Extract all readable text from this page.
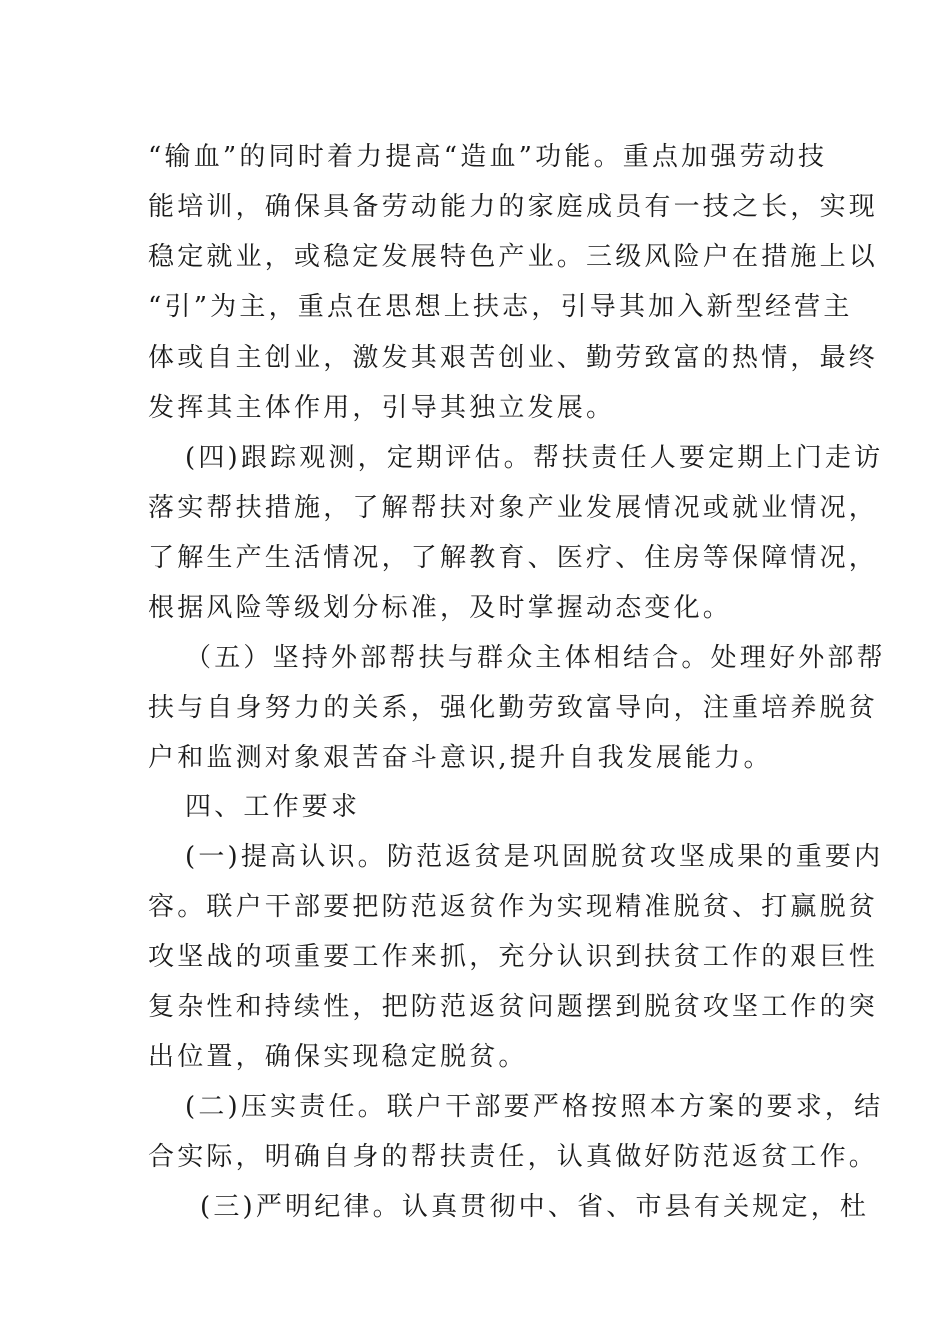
“输血”的同时着力提高“造血”功能。重点加强劳动技
能培训，确保具备劳动能力的家庭成员有一技之长，实现
稳定就业，或稳定发展特色产业。三级风险户在措施上以
“引”为主，重点在思想上扶志，引导其加入新型经营主
体或自主创业，激发其艰苦创业、勤劳致富的热情，最终
发挥其主体作用，引导其独立发展。
(四)跟踪观测，定期评估。帮扶责任人要定期上门走访
落实帮扶措施，了解帮扶对象产业发展情况或就业情况，
了解生产生活情况，了解教育、医疗、住房等保障情况，
根据风险等级划分标准，及时掌握动态变化。
（五）坚持外部帮扶与群众主体相结合。处理好外部帮
扶与自身努力的关系，强化勤劳致富导向，注重培养脱贫
户和监测对象艰苦奋斗意识,提升自我发展能力。
四、工作要求
(一)提高认识。防范返贫是巩固脱贫攻坚成果的重要内
容。联户干部要把防范返贫作为实现精准脱贫、打赢脱贫
攻坚战的项重要工作来抓，充分认识到扶贫工作的艰巨性
复杂性和持续性，把防范返贫问题摆到脱贫攻坚工作的突
出位置，确保实现稳定脱贫。
(二)压实责任。联户干部要严格按照本方案的要求，结
合实际，明确自身的帮扶责任，认真做好防范返贫工作。
(三)严明纪律。认真贯彻中、省、市县有关规定，杜
